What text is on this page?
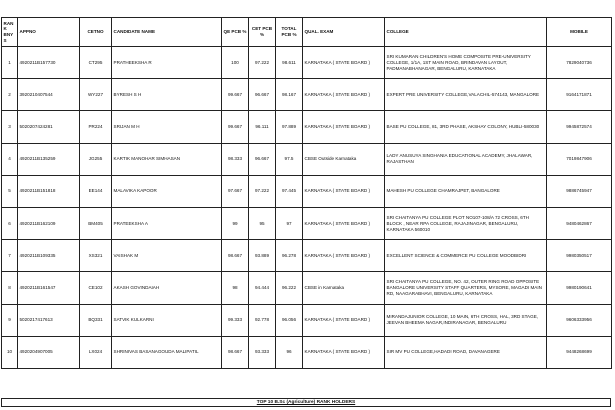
RANK BNYS	APPNO	CETNO	CANDIDATE NAME	QE PCB %	CET PCB %	TOTAL PCB %	QUAL. EXAM	COLLEGE	MOBILE
1	4920211B157730	CT295	PRATHEEKSHA R	100	97.222	98.611	KARNATAKA ( STATE BOARD )	SRI KUMARAN CHILDREN'S HOME COMPOSITE PRE-UNIVERSITY COLLEGE, 1/1A, 1ST MAIN ROAD, BRINDAVAN LAYOUT, PADMANABHANAGAR, BENGALURU, KARNATAKA	7829040736
2	3920210407544	WY227	BYRESH S H	99.667	96.667	98.167	KARNATAKA ( STATE BOARD )	EXPERT PRE UNIVERSITY COLLEGE,VALACHIL-574143, MANGALORE	9164171871
3	5020207424281	PR224	SRIJAN M H	99.667	96.111	97.889	KARNATAKA ( STATE BOARD )	BASE PU COLLEGE, 81, 3RD PHASE, AKSHAY COLONY, HUBLI-580030	9945872574
4	4920211B135259	JG255	KARTIK MANOHAR SIMHASAN	98.333	96.667	97.5	CBSE Outside Karnataka	LADY ANUSUYA SINGHANIA EDUCATIONAL ACADEMY, JHALAWAR, RAJASTHAN	7019847906
5	4920211B151818	EE144	MALAVIKA KAPOOR	97.667	97.222	97.445	KARNATAKA ( STATE BOARD )	MAHESH PU COLLEGE CHAMRAJPET, BANGALORE	9886745947
6	4920211B162109	BM405	PRATEEKSHA A	99	95	97	KARNATAKA ( STATE BOARD )	SRI CHAITANYA PU COLLEGE PLOT NO107-108/A 72 CROSS, 6TH BLOCK , NEAR RPA COLLEGE, RAJAJINAGAR, BENGALURU, KARNATAKA 560010	9480462867
7	4920211B109335	XS321	VAISHAK M	98.667	93.889	96.278	KARNATAKA ( STATE BOARD )	EXCELLENT SCIENCE & COMMERCE PU COLLEGE MOODBIDRI	9980350517
8	4920211B161547	CE102	AKASH GOVINDAIAH	98	94.444	96.222	CBSE in Karnataka	SRI CHAITANYA PU COLLEGE, NO. 42, OUTER RING ROAD OPPOSITE BANGALORE UNIVERSITY STAFF QUARTERS, MYSORE, MAGADI MAIN RD, NAAGARABHAVI, BENGALURU, KARNATAKA	9980190641
9	5020217417613	BQ331	SATVIK KULKARNI	99.333	92.778	96.056	KARNATAKA ( STATE BOARD )	MIRANDAJUNIOR COLLEGE, 10 MAIN, 6TH CROSS, HAL, 3RD STAGE, JEEVAN BHEEMA NAGAR,INDIRANAGAR, BENGALURU	9606333956
10	4920204907005	LX024	SHRINIVAS BASANAGOUDA MALIPATIL	98.667	93.333	96	KARNATAKA ( STATE BOARD )	SIR MV PU COLLEGE,HADADI ROAD, DAVANAGERE	9448268699
TOP 10 B.Sc (Agriculture) RANK HOLDERS
